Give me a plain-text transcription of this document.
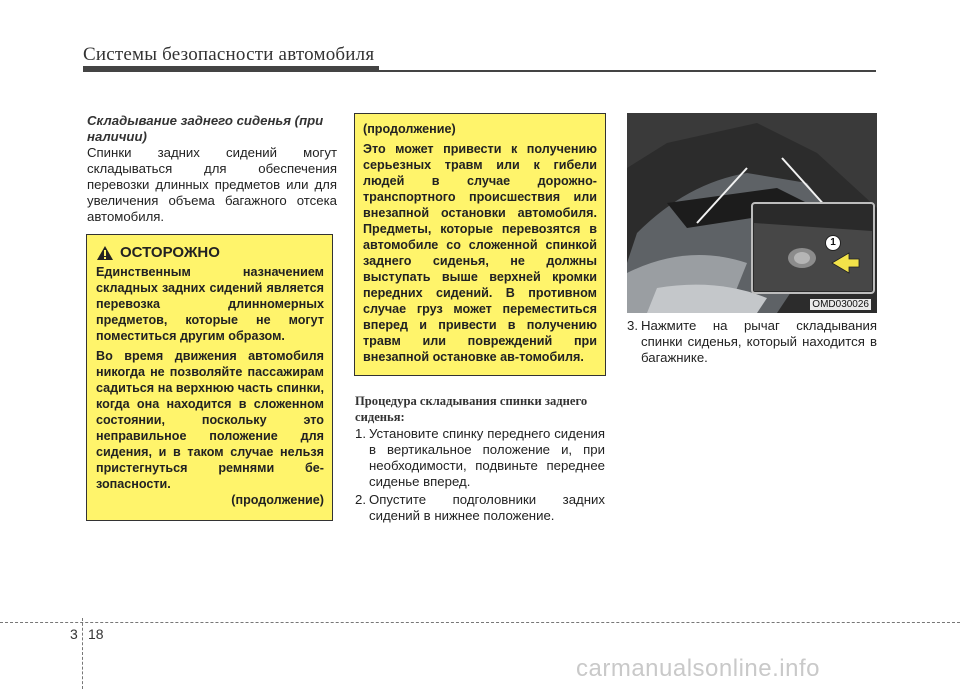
Системы безопасности автомобиля
Складывание заднего сиденья (при наличии)
Спинки задних сидений могут складываться для обеспечения перевозки длинных предметов или для увеличения объема багажного отсека автомобиля.
ОСТОРОЖНО

Единственным назначением складных задних сидений является перевозка длинномерных предметов, которые не могут поместиться другим образом.

Во время движения автомобиля никогда не позволяйте пассажирам садиться на верхнюю часть спинки, когда она находится в сложенном состоянии, поскольку это неправильное положение для сидения, и в таком случае нельзя пристегнуться ремнями бе-зопасности.

(продолжение)

(продолжение)

Это может привести к получению серьезных травм или к гибели людей в случае дорожно-транспортного происшествия или внезапной остановки автомобиля. Предметы, которые перевозятся в автомобиле со сложенной спинкой заднего сиденья, не должны выступать выше верхней кромки передних сидений. В противном случае груз может переместиться вперед и привести в получению травм или повреждений при внезапной остановке ав-томобиля.

Процедура складывания спинки заднего сиденья:
1. Установите спинку переднего сидения в вертикальное положение и, при необходимости, подвиньте переднее сиденье вперед.
2. Опустите подголовники задних сидений в нижнее положение.
1
OMD030026
3. Нажмите на рычаг складывания спинки сиденья, который находится в багажнике.
3 18
carmanualsonline.info
